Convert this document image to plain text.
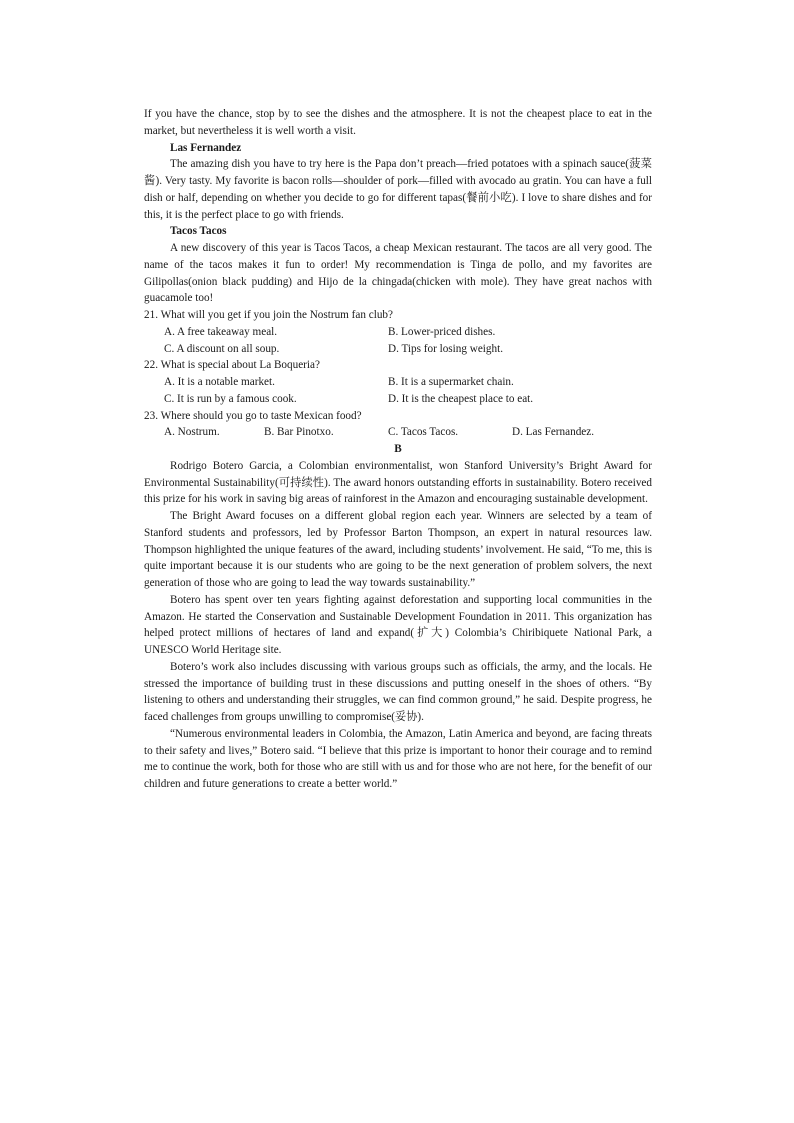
If you have the chance, stop by to see the dishes and the atmosphere. It is not the cheapest place to eat in the market, but nevertheless it is well worth a visit.

Las Fernandez

The amazing dish you have to try here is the Papa don’t preach—fried potatoes with a spinach sauce(菠菜酱). Very tasty. My favorite is bacon rolls—shoulder of pork—filled with avocado au gratin. You can have a full dish or half, depending on whether you decide to go for different tapas(餐前小吃). I love to share dishes and for this, it is the perfect place to go with friends.

Tacos Tacos

A new discovery of this year is Tacos Tacos, a cheap Mexican restaurant. The tacos are all very good. The name of the tacos makes it fun to order! My recommendation is Tinga de pollo, and my favorites are Gilipollas(onion black pudding) and Hijo de la chingada(chicken with mole). They have great nachos with guacamole too!

21. What will you get if you join the Nostrum fan club?

A. A free takeaway meal.	B. Lower-priced dishes.
C. A discount on all soup.	D. Tips for losing weight.

22. What is special about La Boqueria?

A. It is a notable market.	B. It is a supermarket chain.
C. It is run by a famous cook.	D. It is the cheapest place to eat.

23. Where should you go to taste Mexican food?

A. Nostrum.	B. Bar Pinotxo.	C. Tacos Tacos.	D. Las Fernandez.

B

Rodrigo Botero Garcia, a Colombian environmentalist, won Stanford University’s Bright Award for Environmental Sustainability(可持续性). The award honors outstanding efforts in sustainability. Botero received this prize for his work in saving big areas of rainforest in the Amazon and encouraging sustainable development.

The Bright Award focuses on a different global region each year. Winners are selected by a team of Stanford students and professors, led by Professor Barton Thompson, an expert in natural resources law. Thompson highlighted the unique features of the award, including students’ involvement. He said, “To me, this is quite important because it is our students who are going to be the next generation of problem solvers, the next generation of those who are going to lead the way towards sustainability.”

Botero has spent over ten years fighting against deforestation and supporting local communities in the Amazon. He started the Conservation and Sustainable Development Foundation in 2011. This organization has helped protect millions of hectares of land and expand(扩大) Colombia’s Chiribiquete National Park, a UNESCO World Heritage site.

Botero’s work also includes discussing with various groups such as officials, the army, and the locals. He stressed the importance of building trust in these discussions and putting oneself in the shoes of others. “By listening to others and understanding their struggles, we can find common ground,” he said. Despite progress, he faced challenges from groups unwilling to compromise(妥协).

“Numerous environmental leaders in Colombia, the Amazon, Latin America and beyond, are facing threats to their safety and lives,” Botero said. “I believe that this prize is important to honor their courage and to remind me to continue the work, both for those who are still with us and for those who are not here, for the benefit of our children and future generations to create a better world.”
